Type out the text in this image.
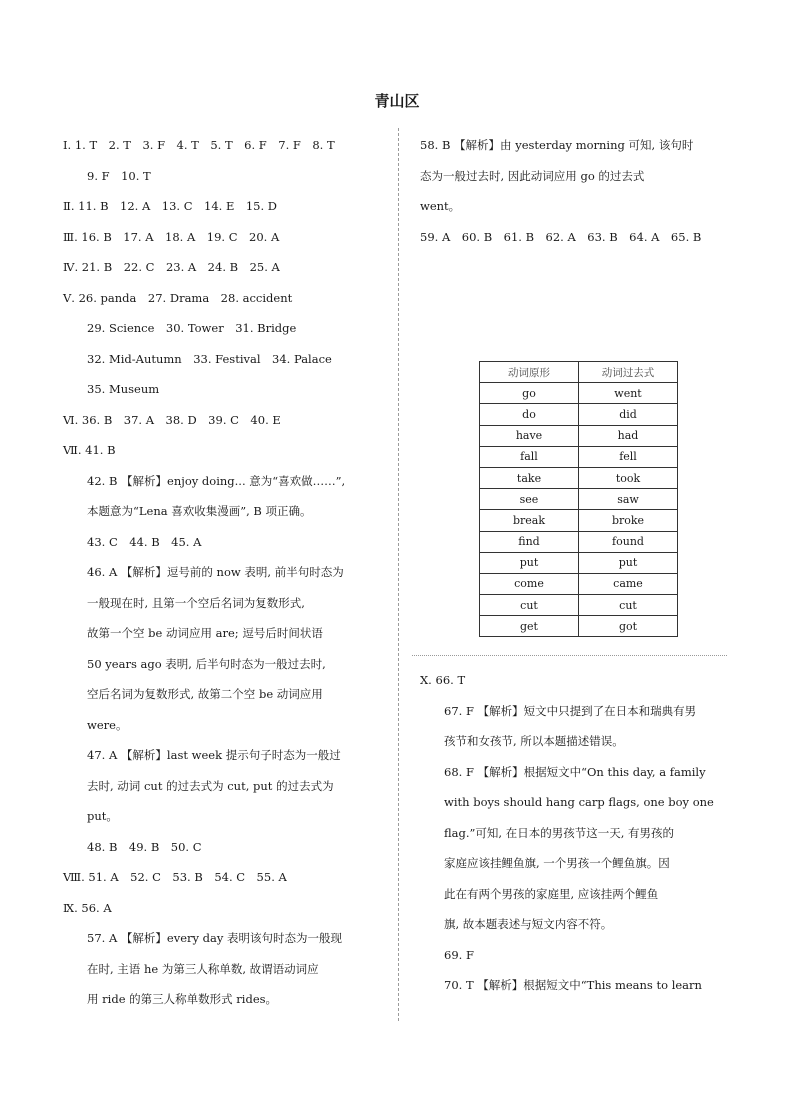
青山区
Ⅰ. 1. T　2. T　3. F　4. T　5. T　6. F　7. F　8. T
9. F　10. T
Ⅱ. 11. B　12. A　13. C　14. E　15. D
Ⅲ. 16. B　17. A　18. A　19. C　20. A
Ⅳ. 21. B　22. C　23. A　24. B　25. A
Ⅴ. 26. panda　27. Drama　28. accident
29. Science　30. Tower　31. Bridge
32. Mid-Autumn　33. Festival　34. Palace
35. Museum
Ⅵ. 36. B　37. A　38. D　39. C　40. E
Ⅶ. 41. B
42. B 【解析】enjoy doing... 意为“喜欢做……”,
本题意为“Lena 喜欢收集漫画”, B 项正确。
43. C　44. B　45. A
46. A 【解析】逗号前的 now 表明, 前半句时态为
一般现在时, 且第一个空后名词为复数形式,
故第一个空 be 动词应用 are; 逗号后时间状语
50 years ago 表明, 后半句时态为一般过去时,
空后名词为复数形式, 故第二个空 be 动词应用
were。
47. A 【解析】last week 提示句子时态为一般过
去时, 动词 cut 的过去式为 cut, put 的过去式为
put。
48. B　49. B　50. C
Ⅷ. 51. A　52. C　53. B　54. C　55. A
Ⅸ. 56. A
57. A 【解析】every day 表明该句时态为一般现
在时, 主语 he 为第三人称单数, 故谓语动词应
用 ride 的第三人称单数形式 rides。
58. B 【解析】由 yesterday morning 可知, 该句时
态为一般过去时, 因此动词应用 go 的过去式
went。
59. A　60. B　61. B　62. A　63. B　64. A　65. B
动词原形	动词过去式
go	went
do	did
have	had
fall	fell
take	took
see	saw
break	broke
find	found
put	put
come	came
cut	cut
get	got
Ⅹ. 66. T
67. F 【解析】短文中只提到了在日本和瑞典有男
孩节和女孩节, 所以本题描述错误。
68. F 【解析】根据短文中“On this day, a family
with boys should hang carp flags, one boy one
flag.”可知, 在日本的男孩节这一天, 有男孩的
家庭应该挂鲤鱼旗, 一个男孩一个鲤鱼旗。因
此在有两个男孩的家庭里, 应该挂两个鲤鱼
旗, 故本题表述与短文内容不符。
69. F
70. T 【解析】根据短文中“This means to learn
